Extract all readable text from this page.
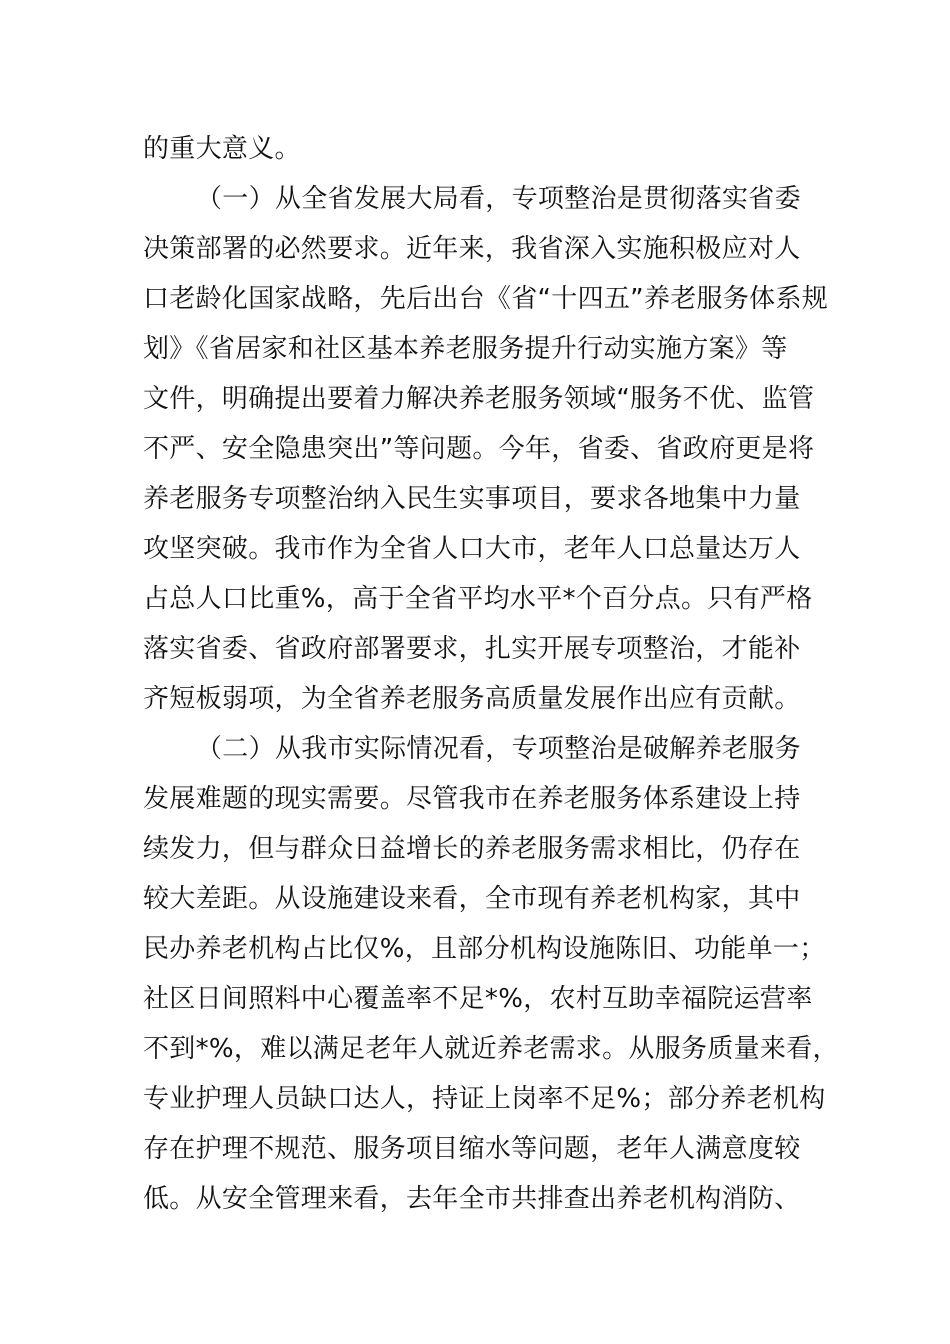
的重大意义。
（一）从全省发展大局看，专项整治是贯彻落实省委
决策部署的必然要求。近年来，我省深入实施积极应对人
口老龄化国家战略，先后出台《省“十四五”养老服务体系规
划》《省居家和社区基本养老服务提升行动实施方案》等
文件，明确提出要着力解决养老服务领域“服务不优、监管
不严、安全隐患突出”等问题。今年，省委、省政府更是将
养老服务专项整治纳入民生实事项目，要求各地集中力量
攻坚突破。我市作为全省人口大市，老年人口总量达万人
占总人口比重%，高于全省平均水平*个百分点。只有严格
落实省委、省政府部署要求，扎实开展专项整治，才能补
齐短板弱项，为全省养老服务高质量发展作出应有贡献。
（二）从我市实际情况看，专项整治是破解养老服务
发展难题的现实需要。尽管我市在养老服务体系建设上持
续发力，但与群众日益增长的养老服务需求相比，仍存在
较大差距。从设施建设来看，全市现有养老机构家，其中
民办养老机构占比仅%，且部分机构设施陈旧、功能单一；
社区日间照料中心覆盖率不足*%，农村互助幸福院运营率
不到*%，难以满足老年人就近养老需求。从服务质量来看，
专业护理人员缺口达人，持证上岗率不足%；部分养老机构
存在护理不规范、服务项目缩水等问题，老年人满意度较
低。从安全管理来看，去年全市共排查出养老机构消防、
